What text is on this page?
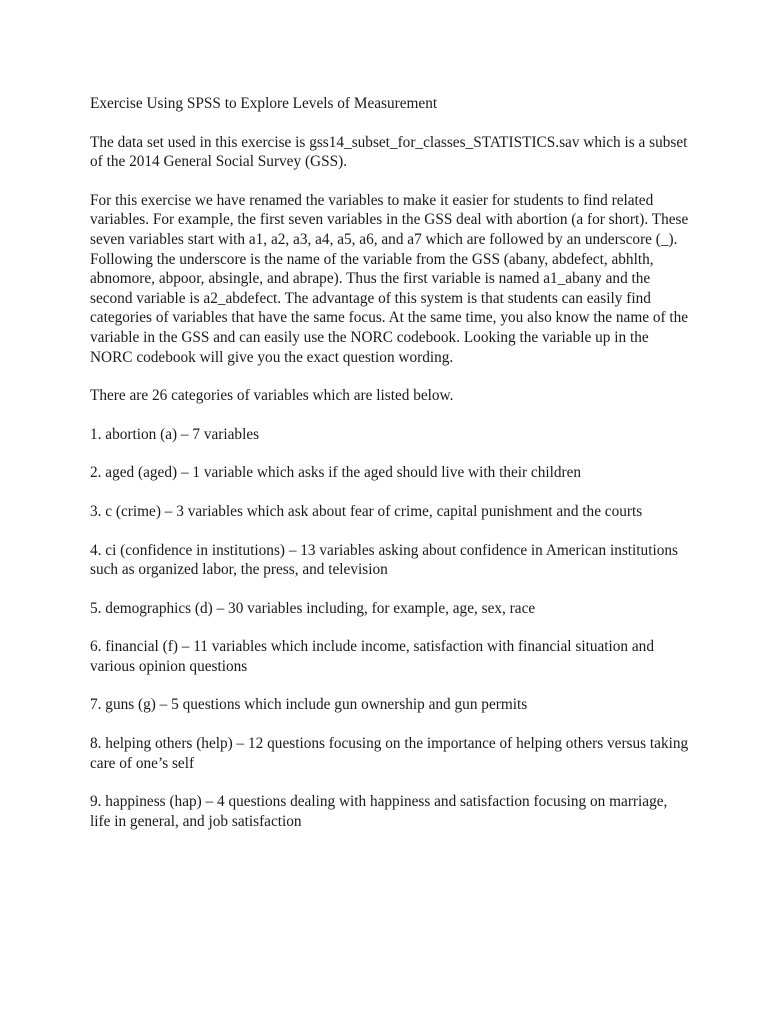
Exercise Using SPSS to Explore Levels of Measurement

The data set used in this exercise is gss14_subset_for_classes_STATISTICS.sav which is a subset of the 2014 General Social Survey (GSS).

For this exercise we have renamed the variables to make it easier for students to find related variables. For example, the first seven variables in the GSS deal with abortion (a for short). These seven variables start with a1, a2, a3, a4, a5, a6, and a7 which are followed by an underscore (_). Following the underscore is the name of the variable from the GSS (abany, abdefect, abhlth, abnomore, abpoor, absingle, and abrape). Thus the first variable is named a1_abany and the second variable is a2_abdefect. The advantage of this system is that students can easily find categories of variables that have the same focus. At the same time, you also know the name of the variable in the GSS and can easily use the NORC codebook. Looking the variable up in the NORC codebook will give you the exact question wording.

There are 26 categories of variables which are listed below.

1. abortion (a) – 7 variables

2. aged (aged) – 1 variable which asks if the aged should live with their children

3. c (crime) – 3 variables which ask about fear of crime, capital punishment and the courts

4. ci (confidence in institutions) – 13 variables asking about confidence in American institutions such as organized labor, the press, and television

5. demographics (d) – 30 variables including, for example, age, sex, race

6. financial (f) – 11 variables which include income, satisfaction with financial situation and various opinion questions

7. guns (g) – 5 questions which include gun ownership and gun permits

8. helping others (help) – 12 questions focusing on the importance of helping others versus taking care of one’s self

9. happiness (hap) – 4 questions dealing with happiness and satisfaction focusing on marriage, life in general, and job satisfaction
